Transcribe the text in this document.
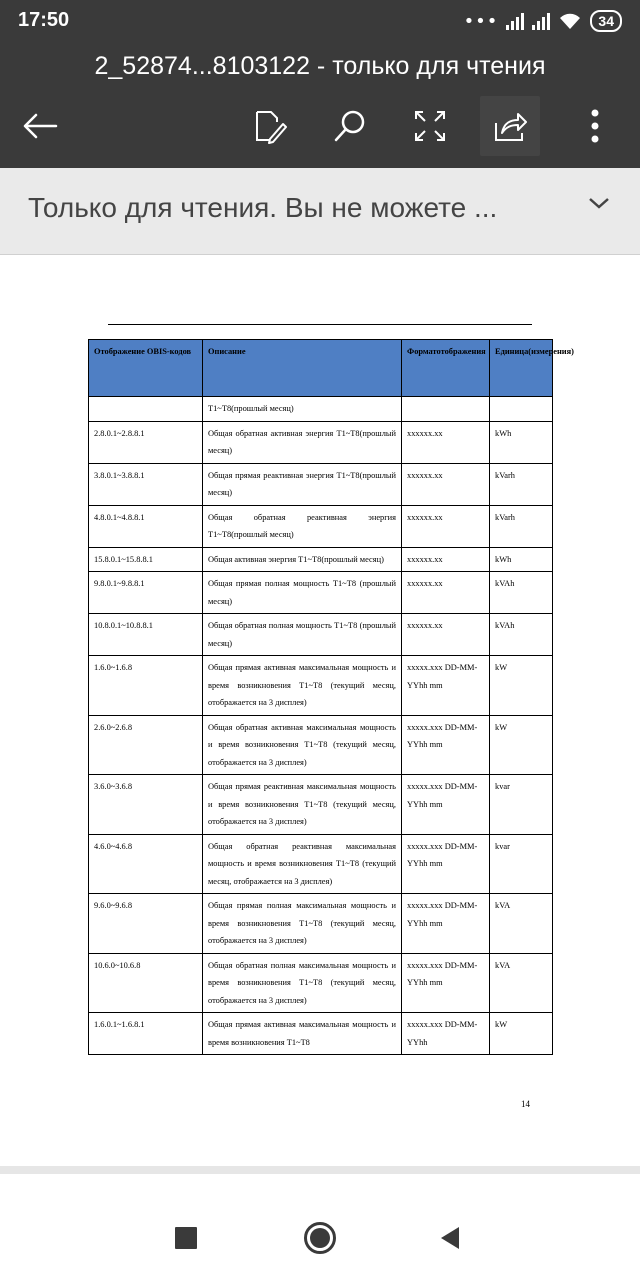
17:50	•••	34
2_52874...8103122 - только для чтения
Только для чтения. Вы не можете ...
Отображение OBIS-кодов	Описание	Форматотображения	Единица(измерения)
	T1~T8(прошлый месяц)		
2.8.0.1~2.8.8.1	Общая обратная активная энергия T1~T8(прошлый месяц)	xxxxxx.xx	kWh
3.8.0.1~3.8.8.1	Общая прямая реактивная энергия T1~T8(прошлый месяц)	xxxxxx.xx	kVarh
4.8.0.1~4.8.8.1	Общая обратная реактивная энергия T1~T8(прошлый месяц)	xxxxxx.xx	kVarh
15.8.0.1~15.8.8.1	Общая активная энергия T1~T8(прошлый месяц)	xxxxxx.xx	kWh
9.8.0.1~9.8.8.1	Общая прямая полная мощность T1~T8 (прошлый месяц)	xxxxxx.xx	kVAh
10.8.0.1~10.8.8.1	Общая обратная полная мощность T1~T8 (прошлый месяц)	xxxxxx.xx	kVAh
1.6.0~1.6.8	Общая прямая активная максимальная мощность и время возникновения T1~T8 (текущий месяц, отображается на 3 дисплея)	xxxxx.xxx DD-MM-YYhh mm	kW
2.6.0~2.6.8	Общая обратная активная максимальная мощность и время возникновения T1~T8 (текущий месяц, отображается на 3 дисплея)	xxxxx.xxx DD-MM-YYhh mm	kW
3.6.0~3.6.8	Общая прямая реактивная максимальная мощность и время возникновения T1~T8 (текущий месяц, отображается на 3 дисплея)	xxxxx.xxx DD-MM-YYhh mm	kvar
4.6.0~4.6.8	Общая обратная реактивная максимальная мощность и время возникновения T1~T8 (текущий месяц, отображается на 3 дисплея)	xxxxx.xxx DD-MM-YYhh mm	kvar
9.6.0~9.6.8	Общая прямая полная максимальная мощность и время возникновения T1~T8 (текущий месяц, отображается на 3 дисплея)	xxxxx.xxx DD-MM-YYhh mm	kVA
10.6.0~10.6.8	Общая обратная полная максимальная мощность и время возникновения T1~T8 (текущий месяц, отображается на 3 дисплея)	xxxxx.xxx DD-MM-YYhh mm	kVA
1.6.0.1~1.6.8.1	Общая прямая активная максимальная мощность и время возникновения T1~T8	xxxxx.xxx DD-MM-YYhh	kW
14
